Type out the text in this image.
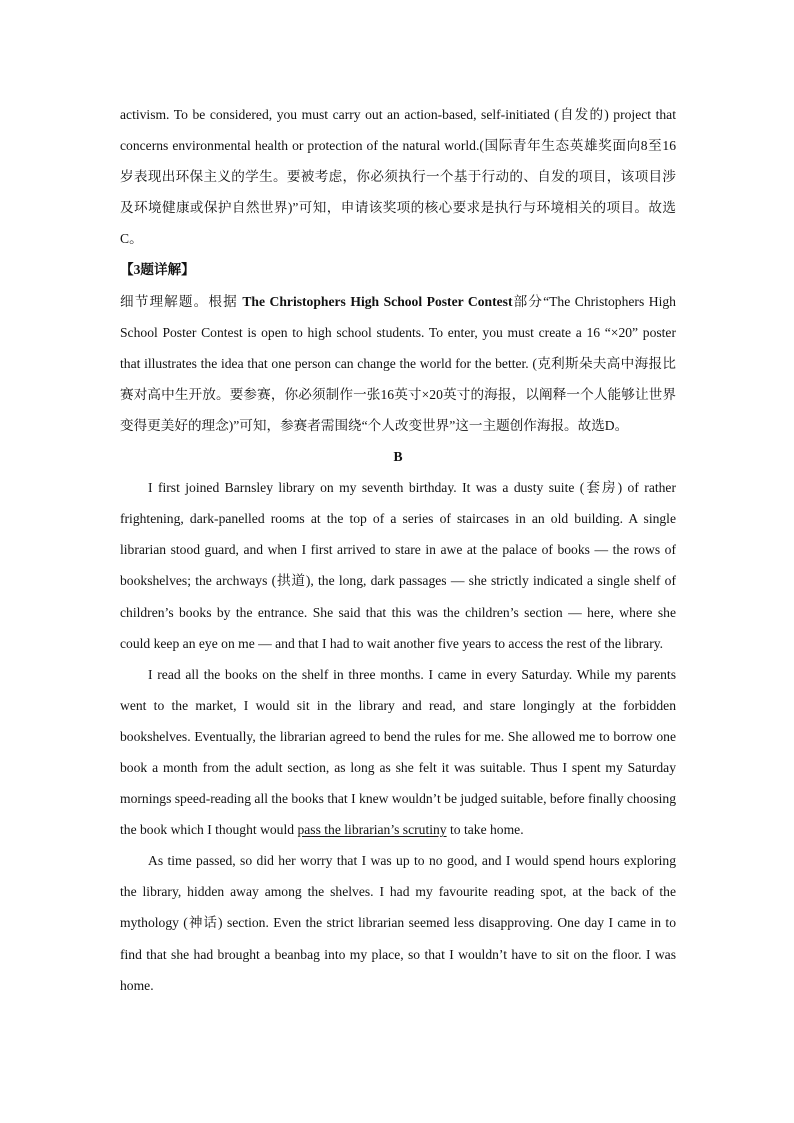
activism. To be considered, you must carry out an action-based, self-initiated (自发的) project that concerns environmental health or protection of the natural world.(国际青年生态英雄奖面向8至16岁表现出环保主义的学生。要被考虑，你必须执行一个基于行动的、自发的项目，该项目涉及环境健康或保护自然世界)”可知，申请该奖项的核心要求是执行与环境相关的项目。故选C。

【3题详解】

细节理解题。根据 The Christophers High School Poster Contest部分“The Christophers High School Poster Contest is open to high school students. To enter, you must create a 16 “×20” poster that illustrates the idea that one person can change the world for the better. (克利斯朵夫高中海报比赛对高中生开放。要参赛，你必须制作一张16英寸×20英寸的海报，以阐释一个人能够让世界变得更美好的理念)”可知，参赛者需围绕“个人改变世界”这一主题创作海报。故选D。

B

I first joined Barnsley library on my seventh birthday. It was a dusty suite (套房) of rather frightening, dark-panelled rooms at the top of a series of staircases in an old building. A single librarian stood guard, and when I first arrived to stare in awe at the palace of books — the rows of bookshelves; the archways (拱道), the long, dark passages — she strictly indicated a single shelf of children’s books by the entrance. She said that this was the children’s section — here, where she could keep an eye on me — and that I had to wait another five years to access the rest of the library.

I read all the books on the shelf in three months. I came in every Saturday. While my parents went to the market, I would sit in the library and read, and stare longingly at the forbidden bookshelves. Eventually, the librarian agreed to bend the rules for me. She allowed me to borrow one book a month from the adult section, as long as she felt it was suitable. Thus I spent my Saturday mornings speed-reading all the books that I knew wouldn’t be judged suitable, before finally choosing the book which I thought would pass the librarian’s scrutiny to take home.

As time passed, so did her worry that I was up to no good, and I would spend hours exploring the library, hidden away among the shelves. I had my favourite reading spot, at the back of the mythology (神话) section. Even the strict librarian seemed less disapproving. One day I came in to find that she had brought a beanbag into my place, so that I wouldn’t have to sit on the floor. I was home.
